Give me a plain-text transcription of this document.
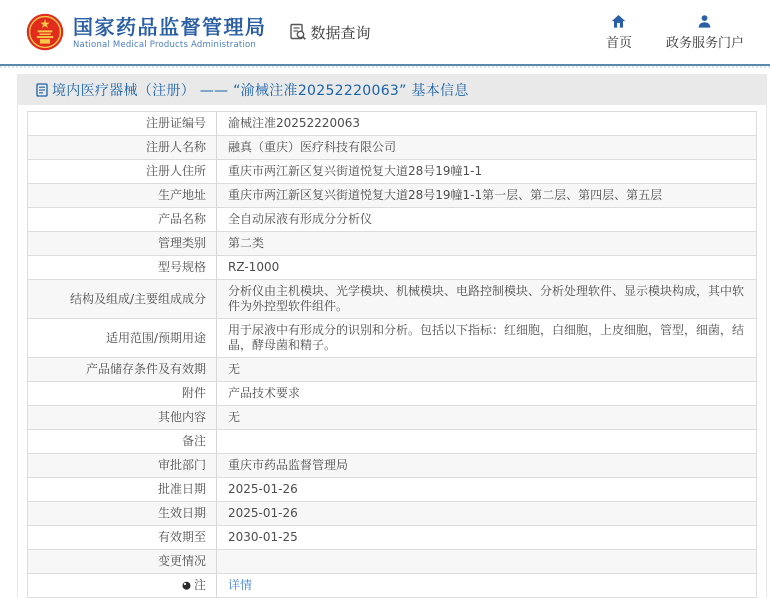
国家药品监督管理局
National Medical Products Administration
数据查询
首页	政务服务门户
境内医疗器械（注册） —— “渝械注准20252220063” 基本信息
注册证编号 渝械注准20252220063
注册人名称 融真（重庆）医疗科技有限公司
注册人住所 重庆市两江新区复兴街道悦复大道28号19幢1-1
生产地址 重庆市两江新区复兴街道悦复大道28号19幢1-1第一层、第二层、第四层、第五层
产品名称 全自动尿液有形成分分析仪
管理类别 第二类
型号规格 RZ-1000
结构及组成/主要组成成分
分析仪由主机模块、光学模块、机械模块、电路控制模块、分析处理软件、显示模块构成，其中软件为外控型软件组件。
适用范围/预期用途
用于尿液中有形成分的识别和分析。包括以下指标：红细胞，白细胞，上皮细胞，管型，细菌，结晶，酵母菌和精子。
产品储存条件及有效期 无
附件 产品技术要求
其他内容 无
备注
审批部门 重庆市药品监督管理局
批准日期 2025-01-26
生效日期 2025-01-26
有效期至 2030-01-25
变更情况
注 详情
